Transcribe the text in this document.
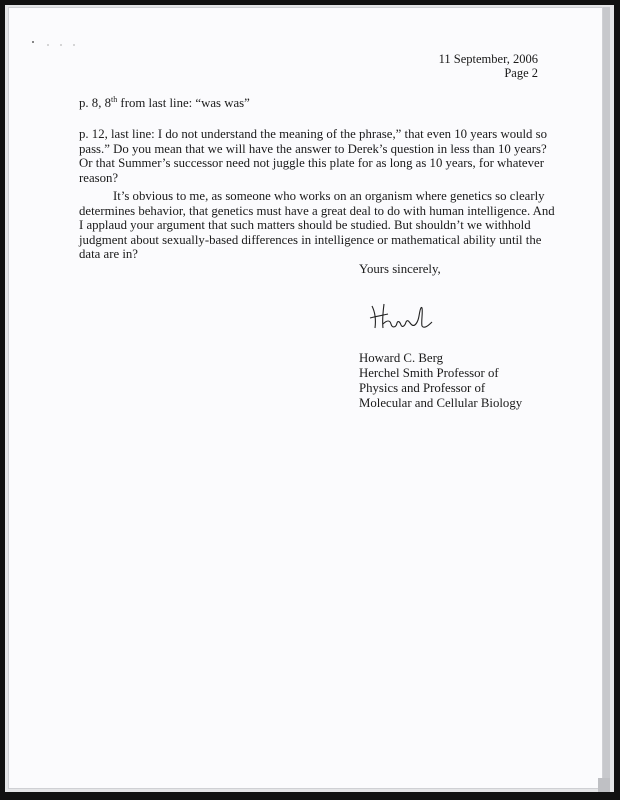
11 September, 2006
Page 2
p. 8, 8th from last line: “was was”
p. 12, last line: I do not understand the meaning of the phrase,” that even 10 years would so pass.” Do you mean that we will have the answer to Derek’s question in less than 10 years? Or that Summer’s successor need not juggle this plate for as long as 10 years, for whatever reason?
It’s obvious to me, as someone who works on an organism where genetics so clearly determines behavior, that genetics must have a great deal to do with human intelligence. And I applaud your argument that such matters should be studied. But shouldn’t we withhold judgment about sexually-based differences in intelligence or mathematical ability until the data are in?
Yours sincerely,
Howard C. Berg
Herchel Smith Professor of
Physics and Professor of
Molecular and Cellular Biology
